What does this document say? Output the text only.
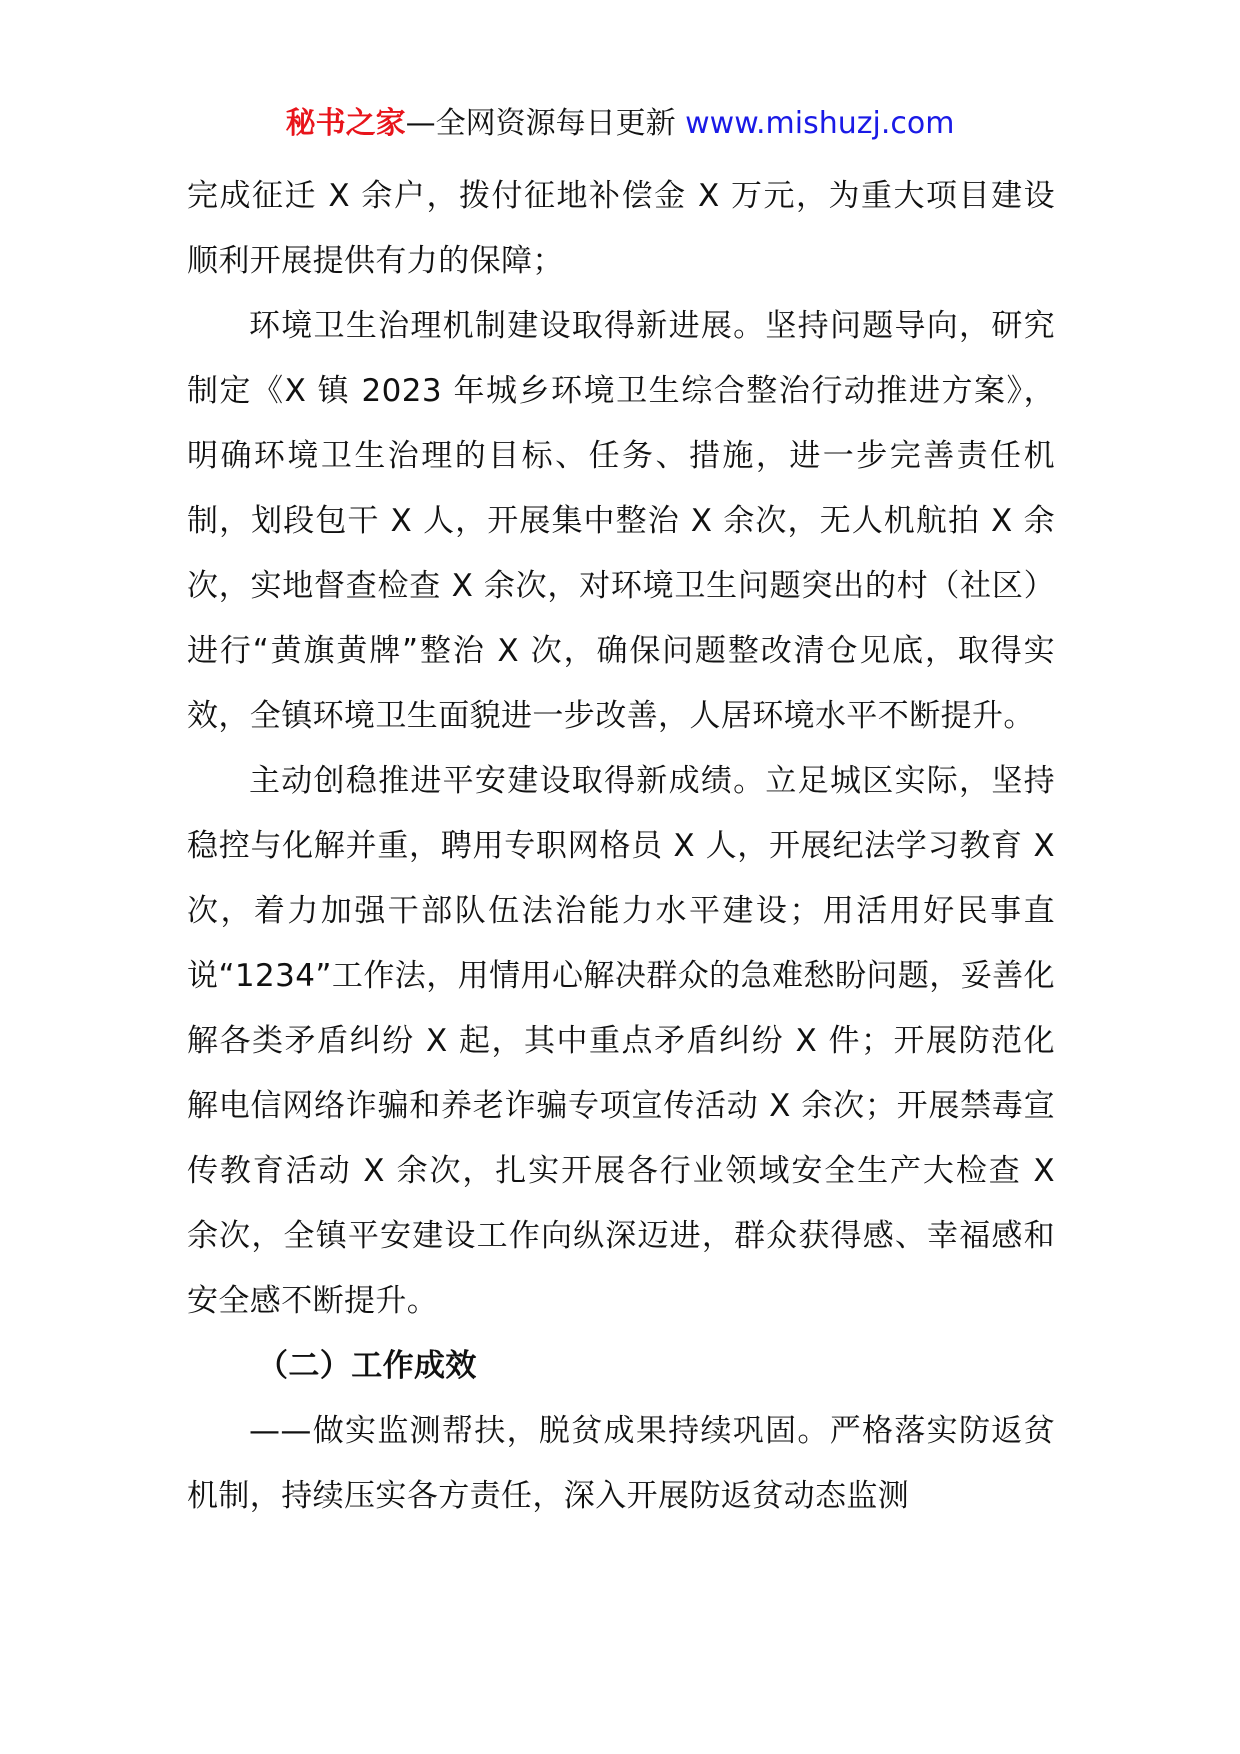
秘书之家—全网资源每日更新 www.mishuzj.com

完成征迁 X 余户，拨付征地补偿金 X 万元，为重大项目建设顺利开展提供有力的保障；

环境卫生治理机制建设取得新进展。坚持问题导向，研究制定《X 镇 2023 年城乡环境卫生综合整治行动推进方案》，明确环境卫生治理的目标、任务、措施，进一步完善责任机制，划段包干 X 人，开展集中整治 X 余次，无人机航拍 X 余次，实地督查检查 X 余次，对环境卫生问题突出的村（社区）进行“黄旗黄牌”整治 X 次，确保问题整改清仓见底，取得实效，全镇环境卫生面貌进一步改善，人居环境水平不断提升。

主动创稳推进平安建设取得新成绩。立足城区实际，坚持稳控与化解并重，聘用专职网格员 X 人，开展纪法学习教育 X 次，着力加强干部队伍法治能力水平建设；用活用好民事直说“1234”工作法，用情用心解决群众的急难愁盼问题，妥善化解各类矛盾纠纷 X 起，其中重点矛盾纠纷 X 件；开展防范化解电信网络诈骗和养老诈骗专项宣传活动 X 余次；开展禁毒宣传教育活动 X 余次，扎实开展各行业领域安全生产大检查 X 余次，全镇平安建设工作向纵深迈进，群众获得感、幸福感和安全感不断提升。

（二）工作成效

——做实监测帮扶，脱贫成果持续巩固。严格落实防返贫机制，持续压实各方责任，深入开展防返贫动态监测
